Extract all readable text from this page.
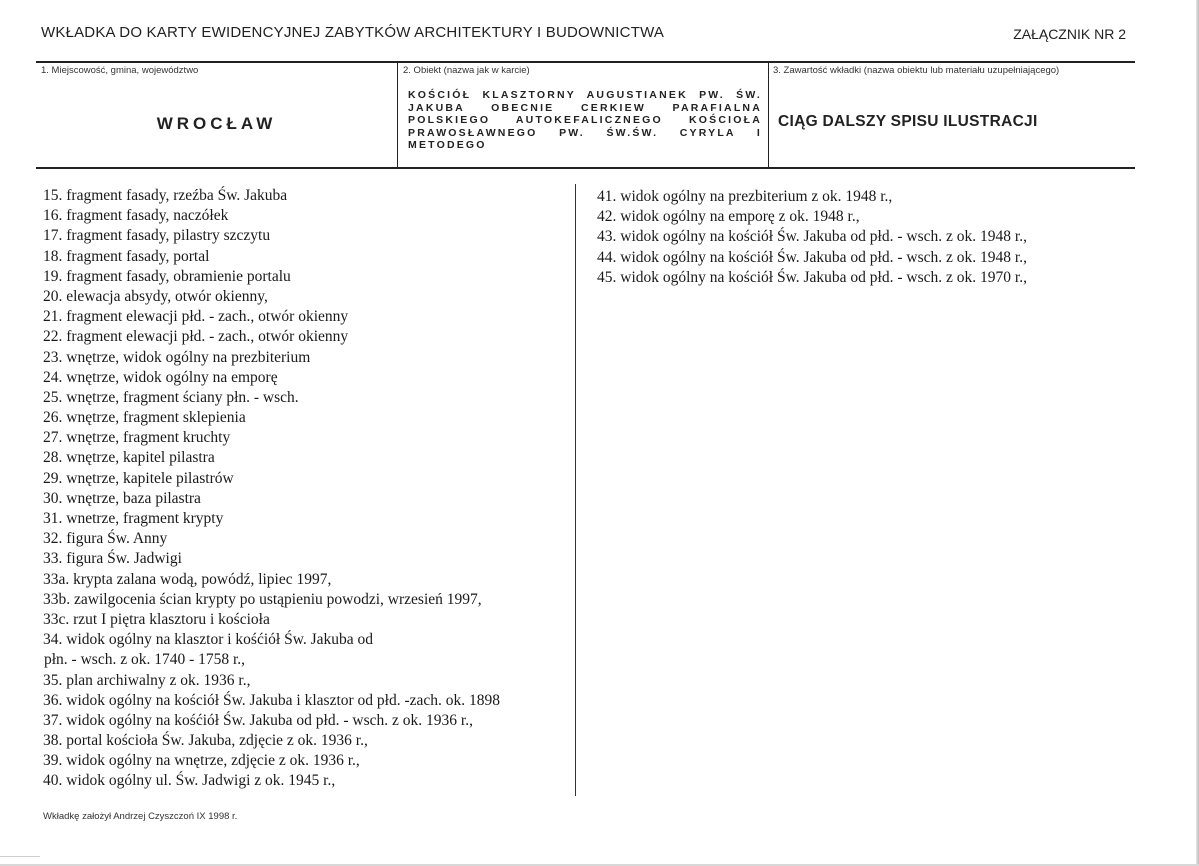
WKŁADKA DO KARTY EWIDENCYJNEJ ZABYTKÓW ARCHITEKTURY I BUDOWNICTWA	ZAŁĄCZNIK NR 2
1. Miejscowość, gmina, województwo
WROCŁAW
2. Obiekt (nazwa jak w karcie)
KOŚCIÓŁ KLASZTORNY AUGUSTIANEK PW. ŚW. JAKUBA OBECNIE CERKIEW PARAFIALNA POLSKIEGO AUTOKEFALICZNEGO KOŚCIOŁA PRAWOSŁAWNEGO PW. ŚW.ŚW. CYRYLA I METODEGO
3. Zawartość wkładki (nazwa obiektu lub materiału uzupełniającego)
CIĄG DALSZY SPISU ILUSTRACJI
15. fragment fasady, rzeźba Św. Jakuba
16. fragment fasady, naczółek
17. fragment fasady, pilastry szczytu
18. fragment fasady, portal
19. fragment fasady, obramienie portalu
20. elewacja absydy, otwór okienny,
21. fragment elewacji płd. - zach., otwór okienny
22. fragment elewacji płd. - zach., otwór okienny
23. wnętrze, widok ogólny na prezbiterium
24. wnętrze, widok ogólny na emporę
25. wnętrze, fragment ściany płn. - wsch.
26. wnętrze, fragment sklepienia
27. wnętrze, fragment kruchty
28. wnętrze, kapitel pilastra
29. wnętrze, kapitele pilastrów
30. wnętrze, baza pilastra
31. wnetrze, fragment krypty
32. figura Św. Anny
33. figura Św. Jadwigi
33a. krypta zalana wodą, powódź, lipiec 1997,
33b. zawilgocenia ścian krypty po ustąpieniu powodzi, wrzesień 1997,
33c. rzut I piętra klasztoru i kościoła
34. widok ogólny na klasztor i kośćiół Św. Jakuba od
płn. - wsch. z ok. 1740 - 1758 r.,
35. plan archiwalny z ok. 1936 r.,
36. widok ogólny na kościół Św. Jakuba i klasztor od płd. -zach. ok. 1898
37. widok ogólny na kośćiół Św. Jakuba od płd. - wsch. z ok. 1936 r.,
38. portal kościoła Św. Jakuba, zdjęcie z ok. 1936 r.,
39. widok ogólny na wnętrze, zdjęcie z ok. 1936 r.,
40. widok ogólny ul. Św. Jadwigi z ok. 1945 r.,
41. widok ogólny na prezbiterium z ok. 1948 r.,
42. widok ogólny na emporę z ok. 1948 r.,
43. widok ogólny na kościół Św. Jakuba od płd. - wsch. z ok. 1948 r.,
44. widok ogólny na kościół Św. Jakuba od płd. - wsch. z ok. 1948 r.,
45. widok ogólny na kościół Św. Jakuba od płd. - wsch. z ok. 1970 r.,
Wkładkę założył Andrzej Czyszczoń IX 1998 r.
